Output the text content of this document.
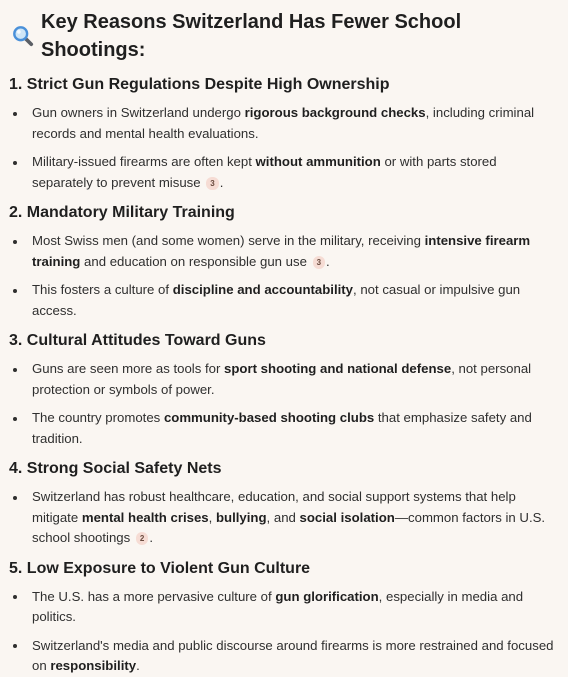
Key Reasons Switzerland Has Fewer School Shootings:
1. Strict Gun Regulations Despite High Ownership
Gun owners in Switzerland undergo rigorous background checks, including criminal records and mental health evaluations.
Military-issued firearms are often kept without ammunition or with parts stored separately to prevent misuse 3 .
2. Mandatory Military Training
Most Swiss men (and some women) serve in the military, receiving intensive firearm training and education on responsible gun use 3 .
This fosters a culture of discipline and accountability, not casual or impulsive gun access.
3. Cultural Attitudes Toward Guns
Guns are seen more as tools for sport shooting and national defense, not personal protection or symbols of power.
The country promotes community-based shooting clubs that emphasize safety and tradition.
4. Strong Social Safety Nets
Switzerland has robust healthcare, education, and social support systems that help mitigate mental health crises, bullying, and social isolation—common factors in U.S. school shootings 2 .
5. Low Exposure to Violent Gun Culture
The U.S. has a more pervasive culture of gun glorification, especially in media and politics.
Switzerland's media and public discourse around firearms is more restrained and focused on responsibility.
